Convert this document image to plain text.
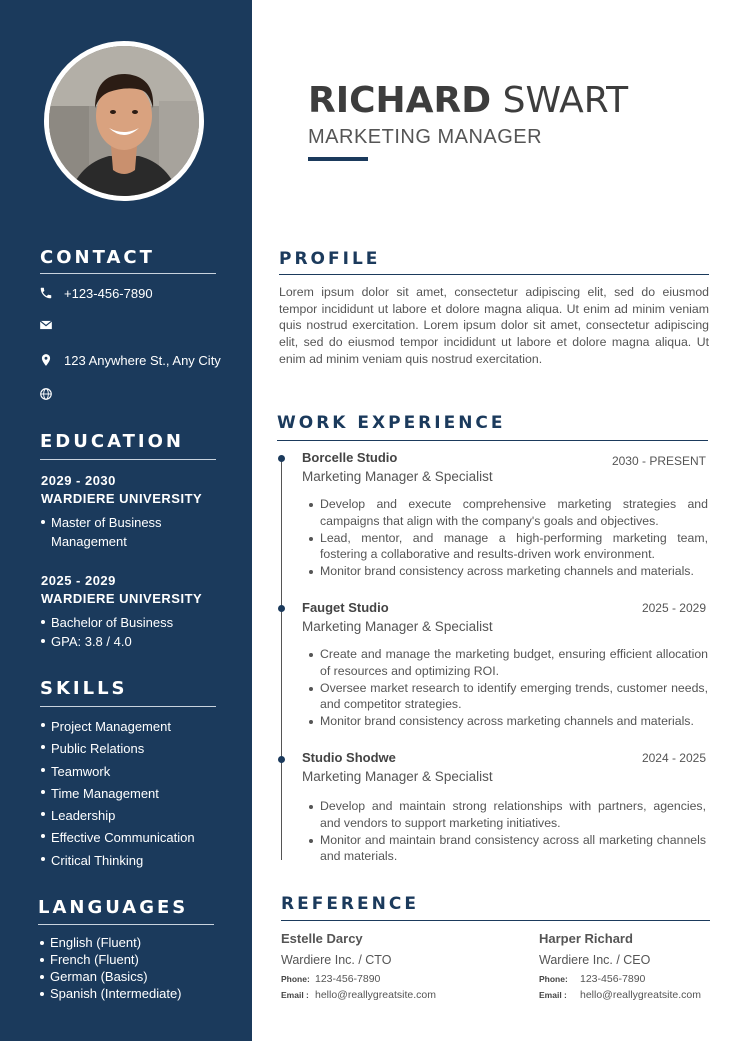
CONTACT
+123-456-7890
123 Anywhere St., Any City
EDUCATION
2029 - 2030
WARDIERE UNIVERSITY
Master of Business Management
2025 - 2029
WARDIERE UNIVERSITY
Bachelor of Business
GPA: 3.8 / 4.0
SKILLS
Project Management
Public Relations
Teamwork
Time Management
Leadership
Effective Communication
Critical Thinking
LANGUAGES
English (Fluent)
French (Fluent)
German (Basics)
Spanish (Intermediate)
RICHARD SWART
MARKETING MANAGER
PROFILE
Lorem ipsum dolor sit amet, consectetur adipiscing elit, sed do eiusmod tempor incididunt ut labore et dolore magna aliqua. Ut enim ad minim veniam quis nostrud exercitation. Lorem ipsum dolor sit amet, consectetur adipiscing elit, sed do eiusmod tempor incididunt ut labore et dolore magna aliqua. Ut enim ad minim veniam quis nostrud exercitation.
WORK EXPERIENCE
Borcelle Studio	2030 - PRESENT
Marketing Manager & Specialist
Develop and execute comprehensive marketing strategies and campaigns that align with the company's goals and objectives.
Lead, mentor, and manage a high-performing marketing team, fostering a collaborative and results-driven work environment.
Monitor brand consistency across marketing channels and materials.
Fauget Studio	2025 - 2029
Marketing Manager & Specialist
Create and manage the marketing budget, ensuring efficient allocation of resources and optimizing ROI.
Oversee market research to identify emerging trends, customer needs, and competitor strategies.
Monitor brand consistency across marketing channels and materials.
Studio Shodwe	2024 - 2025
Marketing Manager & Specialist
Develop and maintain strong relationships with partners, agencies, and vendors to support marketing initiatives.
Monitor and maintain brand consistency across all marketing channels and materials.
REFERENCE
Estelle Darcy
Wardiere Inc. / CTO
Phone: 123-456-7890
Email : hello@reallygreatsite.com
Harper Richard
Wardiere Inc. / CEO
Phone: 123-456-7890
Email : hello@reallygreatsite.com
